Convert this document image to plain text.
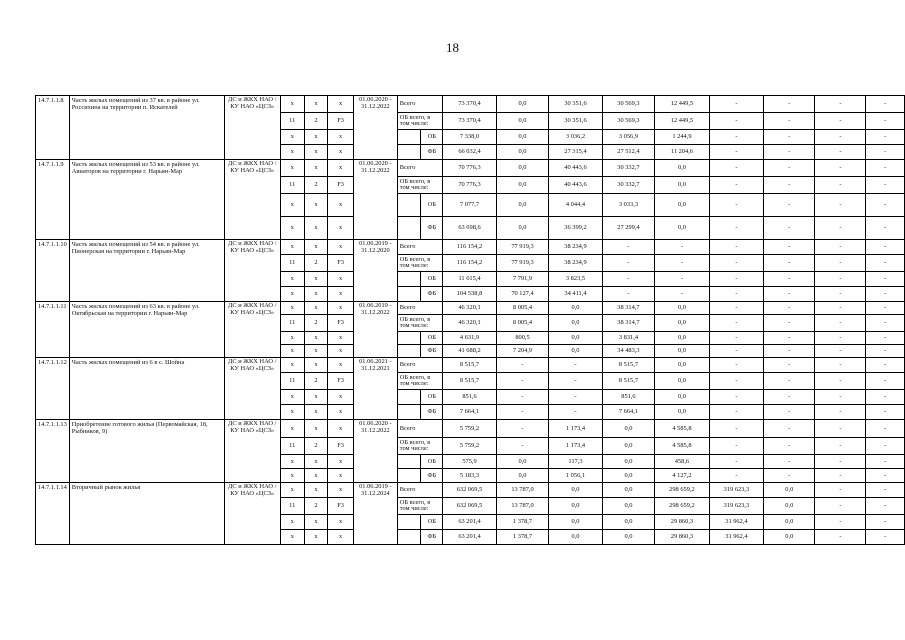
18
14.7.1.1.8	Часть жилых помещений из 37 кв. в районе ул. Россихина на территории п. Искателей	ДС и ЖКХ НАО / КУ НАО «ЦСЗ»	х	х	х	01.06.2020 - 31.12.2022	Всего		73 370,4	0,0	30 351,6	30 569,3	12 449,5	-	-	-	-
			11	2	F3		ОБ всего, в том числе:		73 370,4	0,0	30 351,6	30 569,3	12 449,5	-	-	-	-
			х	х	х			ОБ	7 338,0	0,0	3 036,2	3 056,9	1 244,9	-	-	-	-
			х	х	х			ФБ	66 032,4	0,0	27 315,4	27 512,4	11 204,6	-	-	-	-
14.7.1.1.9	Часть жилых помещений из 53 кв. в районе ул. Авиаторов на территории г. Нарьян-Мар	ДС и ЖКХ НАО / КУ НАО «ЦСЗ»	х	х	х	01.06.2020 - 31.12.2022	Всего		70 776,3	0,0	40 443,6	30 332,7	0,0	-	-	-	-
			11	2	F3		ОБ всего, в том числе:		70 776,3	0,0	40 443,6	30 332,7	0,0	-	-	-	-
			х	х	х			ОБ	7 077,7	0,0	4 044,4	3 033,3	0,0	-	-	-	-
			х	х	х			ФБ	63 698,6	0,0	36 399,2	27 299,4	0,0	-	-	-	-
14.7.1.1.10	Часть жилых помещений из 54 кв. в районе ул. Пионерская на территории г. Нарьян-Мар	ДС и ЖКХ НАО / КУ НАО «ЦСЗ»	х	х	х	01.06.2019 - 31.12.2020	Всего		116 154,2	77 919,3	38 234,9	-	-	-	-	-	-
			11	2	F3		ОБ всего, в том числе:		116 154,2	77 919,3	38 234,9	-	-	-	-	-	-
			х	х	х			ОБ	11 615,4	7 791,9	3 823,5	-	-	-	-	-	-
			х	х	х			ФБ	104 538,8	70 127,4	34 411,4	-	-	-	-	-	-
14.7.1.1.11	Часть жилых помещений из 63 кв. в районе ул. Октябрьская на территории г. Нарьян-Мар	ДС и ЖКХ НАО / КУ НАО «ЦСЗ»	х	х	х	01.06.2019 - 31.12.2022	Всего		46 320,1	8 005,4	0,0	38 314,7	0,0	-	-	-	-
			11	2	F3		ОБ всего, в том числе:		46 320,1	8 005,4	0,0	38 314,7	0,0	-	-	-	-
			х	х	х			ОБ	4 631,9	800,5	0,0	3 831,4	0,0	-	-	-	-
			х	х	х			ФБ	41 688,2	7 204,9	0,0	34 483,3	0,0	-	-	-	-
14.7.1.1.12	Часть жилых помещений из 6 в с. Шойна	ДС и ЖКХ НАО / КУ НАО «ЦСЗ»	х	х	х	01.06.2021 - 31.12.2021	Всего		8 515,7	-	-	8 515,7	0,0	-	-	-	-
			11	2	F3		ОБ всего, в том числе:		8 515,7	-	-	8 515,7	0,0	-	-	-	-
			х	х	х			ОБ	851,6	-	-	851,6	0,0	-	-	-	-
			х	х	х			ФБ	7 664,1	-	-	7 664,1	0,0	-	-	-	-
14.7.1.1.13	Приобретение готового жилья (Первомайская, 18, Рыбников, 9)	ДС и ЖКХ НАО / КУ НАО «ЦСЗ»	х	х	х	01.06.2020 - 31.12.2022	Всего		5 759,2	-	1 173,4	0,0	4 585,8	-	-	-	-
			11	2	F3		ОБ всего, в том числе:		5 759,2	-	1 173,4	0,0	4 585,8	-	-	-	-
			х	х	х			ОБ	575,9	0,0	117,3	0,0	458,6	-	-	-	-
			х	х	х			ФБ	5 183,3	0,0	1 056,1	0,0	4 127,2	-	-	-	-
14.7.1.1.14	Вторичный рынок жилья	ДС и ЖКХ НАО / КУ НАО «ЦСЗ»	х	х	х	01.06.2019 - 31.12.2024	Всего		632 069,5	13 787,0	0,0	0,0	298 659,2	319 623,3	0,0	-	-
			11	2	F3		ОБ всего, в том числе:		632 069,5	13 787,0	0,0	0,0	298 659,2	319 623,3	0,0	-	-
			х	х	х			ОБ	63 201,4	1 378,7	0,0	0,0	29 860,3	31 962,4	0,0	-	-
			х	х	х			ФБ	63 201,4	1 378,7	0,0	0,0	29 860,3	31 962,4	0,0	-	-
